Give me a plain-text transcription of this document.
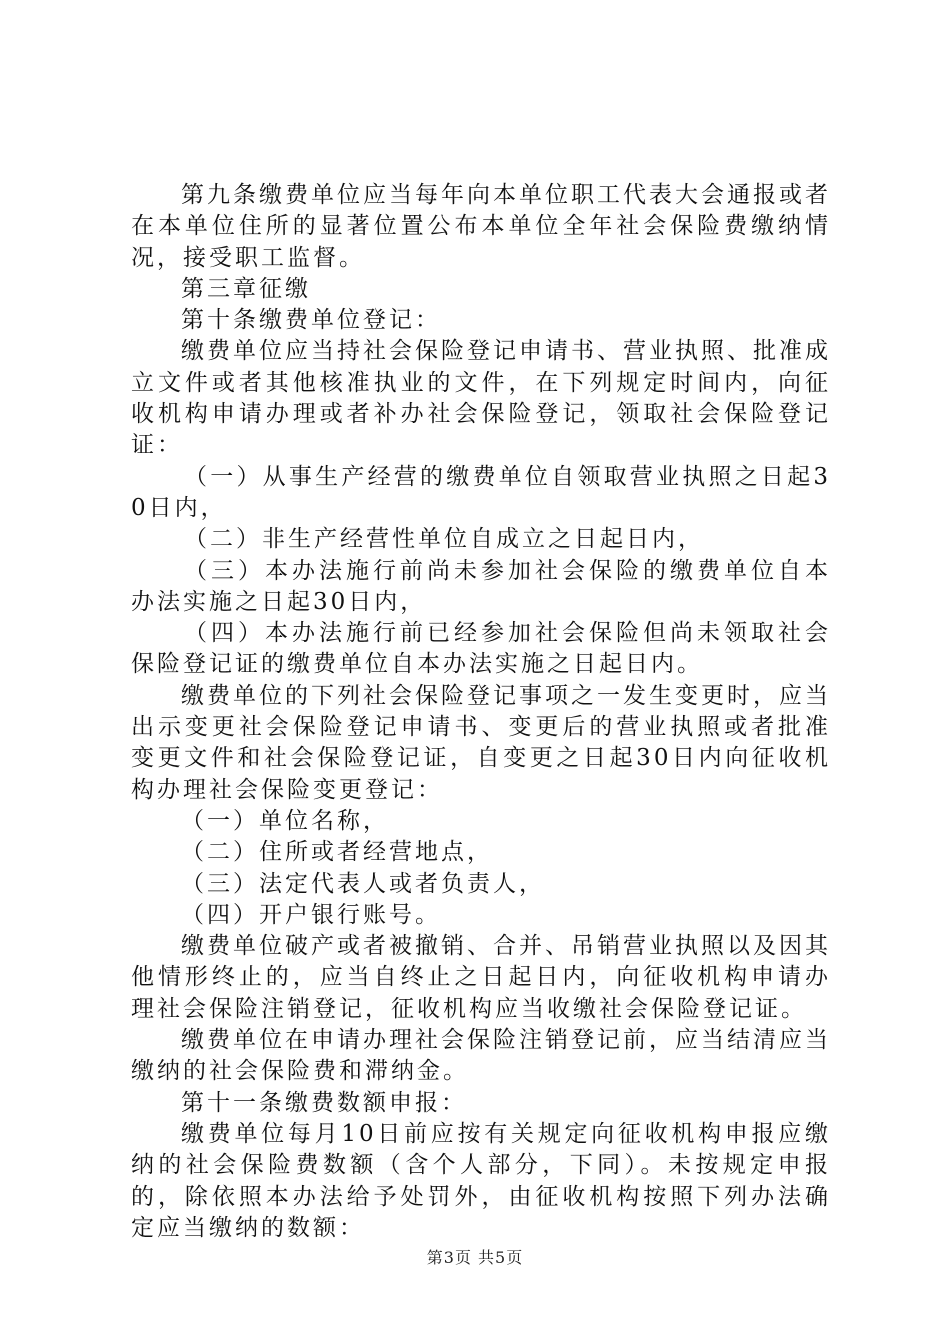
第九条缴费单位应当每年向本单位职工代表大会通报或者在本单位住所的显著位置公布本单位全年社会保险费缴纳情况，接受职工监督。

第三章征缴

第十条缴费单位登记：

缴费单位应当持社会保险登记申请书、营业执照、批准成立文件或者其他核准执业的文件，在下列规定时间内，向征收机构申请办理或者补办社会保险登记，领取社会保险登记证：

（一）从事生产经营的缴费单位自领取营业执照之日起30日内，

（二）非生产经营性单位自成立之日起日内，

（三）本办法施行前尚未参加社会保险的缴费单位自本办法实施之日起30日内，

（四）本办法施行前已经参加社会保险但尚未领取社会保险登记证的缴费单位自本办法实施之日起日内。

缴费单位的下列社会保险登记事项之一发生变更时，应当出示变更社会保险登记申请书、变更后的营业执照或者批准变更文件和社会保险登记证，自变更之日起30日内向征收机构办理社会保险变更登记：

（一）单位名称，

（二）住所或者经营地点，

（三）法定代表人或者负责人，

（四）开户银行账号。

缴费单位破产或者被撤销、合并、吊销营业执照以及因其他情形终止的，应当自终止之日起日内，向征收机构申请办理社会保险注销登记，征收机构应当收缴社会保险登记证。

缴费单位在申请办理社会保险注销登记前，应当结清应当缴纳的社会保险费和滞纳金。

第十一条缴费数额申报：

缴费单位每月10日前应按有关规定向征收机构申报应缴纳的社会保险费数额（含个人部分，下同）。未按规定申报的，除依照本办法给予处罚外，由征收机构按照下列办法确定应当缴纳的数额：

第3页 共5页
